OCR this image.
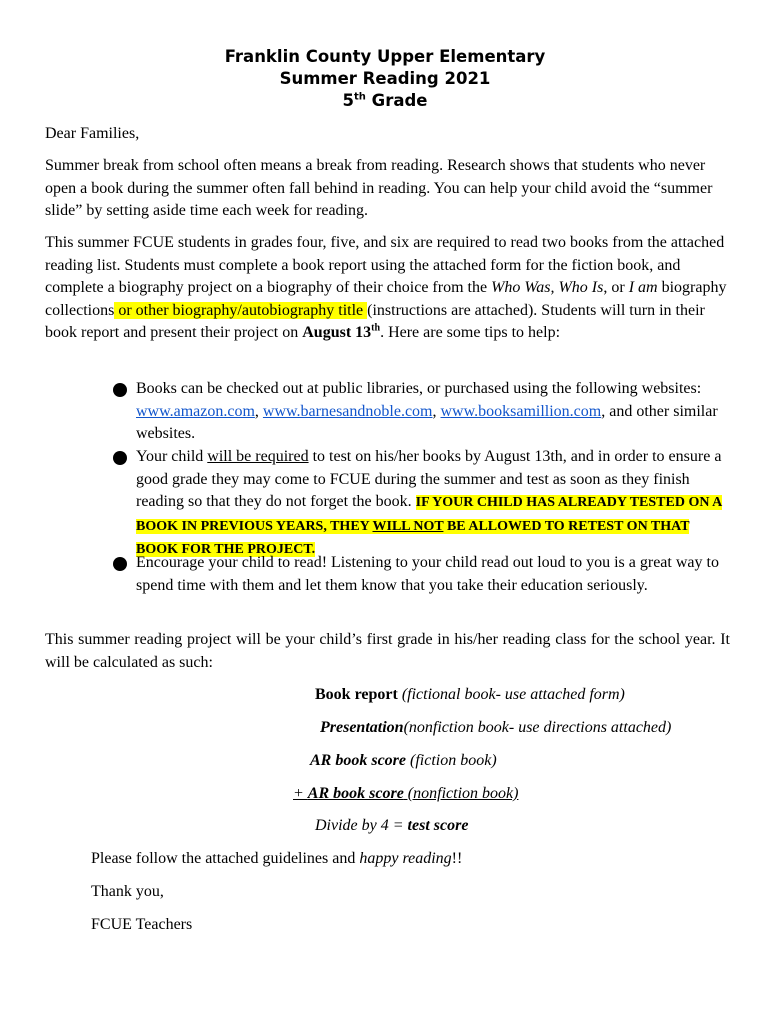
Franklin County Upper Elementary
Summer Reading 2021
5th Grade
Dear Families,
Summer break from school often means a break from reading. Research shows that students who never open a book during the summer often fall behind in reading. You can help your child avoid the “summer slide” by setting aside time each week for reading.
This summer FCUE students in grades four, five, and six are required to read two books from the attached reading list. Students must complete a book report using the attached form for the fiction book, and complete a biography project on a biography of their choice from the Who Was, Who Is, or I am biography collections or other biography/autobiography title (instructions are attached). Students will turn in their book report and present their project on August 13th. Here are some tips to help:
Books can be checked out at public libraries, or purchased using the following websites: www.amazon.com, www.barnesandnoble.com, www.booksamillion.com, and other similar websites.
Your child will be required to test on his/her books by August 13th, and in order to ensure a good grade they may come to FCUE during the summer and test as soon as they finish reading so that they do not forget the book. IF YOUR CHILD HAS ALREADY TESTED ON A BOOK IN PREVIOUS YEARS, THEY WILL NOT BE ALLOWED TO RETEST ON THAT BOOK FOR THE PROJECT.
Encourage your child to read! Listening to your child read out loud to you is a great way to spend time with them and let them know that you take their education seriously.
This summer reading project will be your child’s first grade in his/her reading class for the school year. It will be calculated as such:
Book report (fictional book- use attached form)
Presentation(nonfiction book- use directions attached)
AR book score (fiction book)
+ AR book score (nonfiction book)
Divide by 4 = test score
Please follow the attached guidelines and happy reading!!
Thank you,
FCUE Teachers
